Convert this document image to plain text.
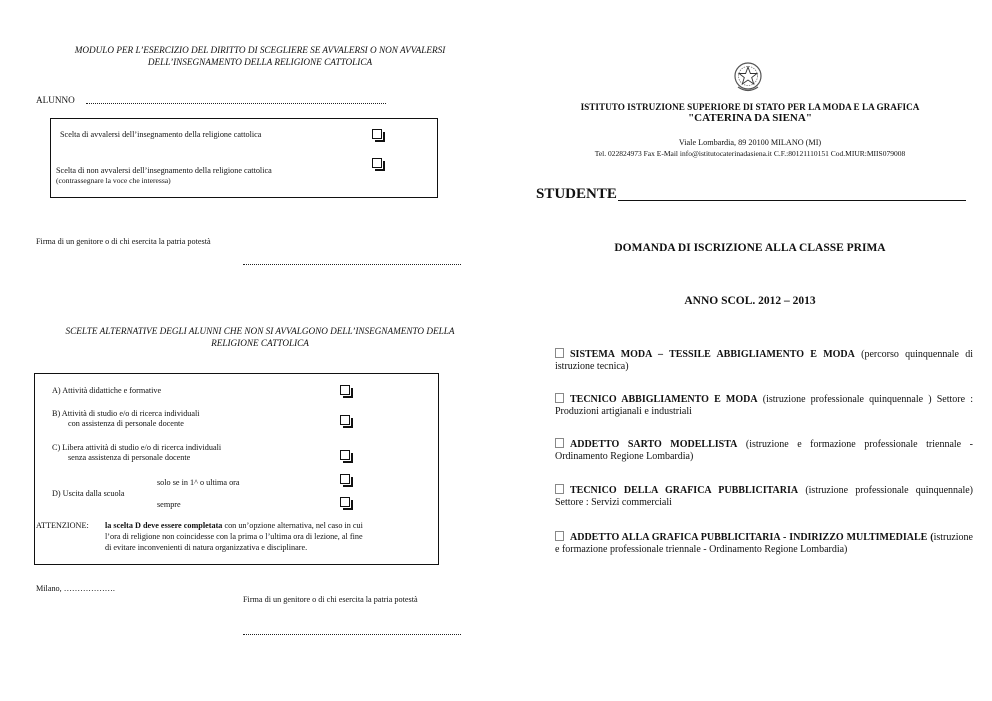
MODULO PER L’ESERCIZIO DEL DIRITTO DI SCEGLIERE SE AVVALERSI O NON AVVALERSI
DELL’INSEGNAMENTO DELLA RELIGIONE CATTOLICA
ALUNNO
Scelta di avvalersi dell’insegnamento della religione cattolica
Scelta di non avvalersi dell’insegnamento della religione cattolica
(contrassegnare la voce che interessa)
Firma di un genitore o di chi esercita la patria potestà
SCELTE ALTERNATIVE DEGLI ALUNNI CHE NON SI AVVALGONO DELL’INSEGNAMENTO DELLA
RELIGIONE CATTOLICA
A) Attività didattiche e formative
B) Attività di studio e/o di ricerca individuali
con assistenza di personale docente
C) Libera attività di studio e/o di ricerca individuali
senza assistenza di personale docente
D) Uscita dalla scuola
solo se in 1^ o ultima ora
sempre
ATTENZIONE: la scelta D deve essere completata con un’opzione alternativa, nel caso in cui
l’ora di religione non coincidesse con la prima o l’ultima ora di lezione, al fine
di evitare inconvenienti di natura organizzativa e disciplinare.
Milano, ……………….
Firma di un genitore o di chi esercita la patria potestà
ISTITUTO ISTRUZIONE SUPERIORE DI STATO PER LA MODA E LA GRAFICA
"CATERINA DA SIENA"
Viale Lombardia, 89 20100 MILANO (MI)
Tel. 022824973 Fax E-Mail info@istitutocaterinadasiena.it C.F.:80121110151 Cod.MIUR:MIIS079008
STUDENTE
DOMANDA DI ISCRIZIONE ALLA CLASSE PRIMA
ANNO SCOL. 2012 – 2013
SISTEMA MODA – TESSILE ABBIGLIAMENTO E MODA (percorso quinquennale di istruzione tecnica)
TECNICO ABBIGLIAMENTO E MODA (istruzione professionale quinquennale ) Settore : Produzioni artigianali e industriali
ADDETTO SARTO MODELLISTA (istruzione e formazione professionale triennale - Ordinamento Regione Lombardia)
TECNICO DELLA GRAFICA PUBBLICITARIA (istruzione professionale quinquennale) Settore : Servizi commerciali
ADDETTO ALLA GRAFICA PUBBLICITARIA - INDIRIZZO MULTIMEDIALE (istruzione e formazione professionale triennale - Ordinamento Regione Lombardia)
